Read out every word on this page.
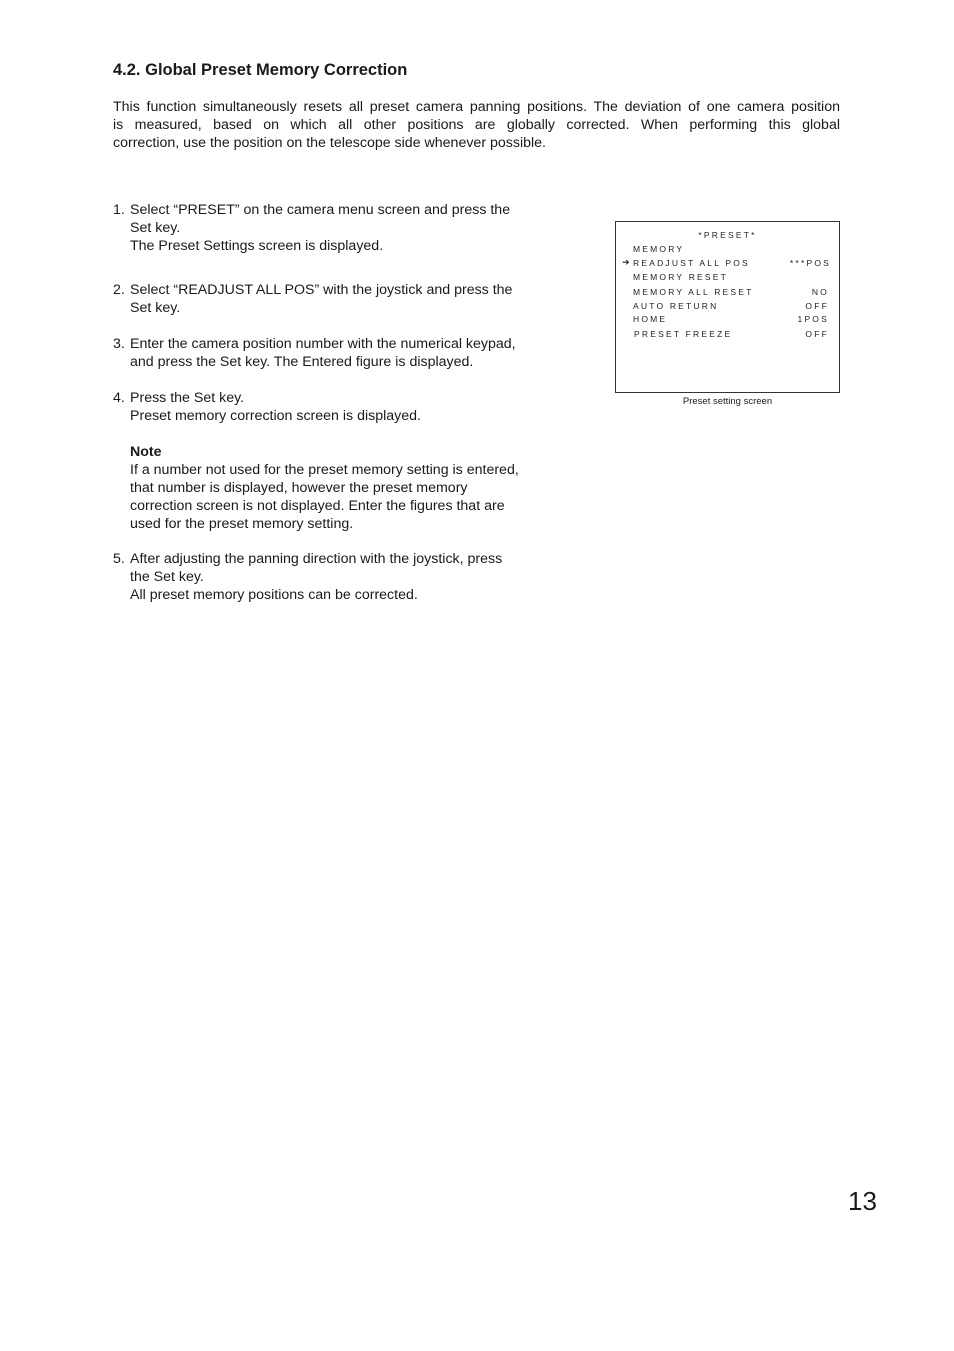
4.2. Global Preset Memory Correction
This function simultaneously resets all preset camera panning positions. The deviation of one camera position
is measured, based on which all other positions are globally corrected. When performing this global
correction, use the position on the telescope side whenever possible.
1. Select “PRESET” on the camera menu screen and press the
Set key.
The Preset Settings screen is displayed.
2. Select “READJUST ALL POS” with the joystick and press the
Set key.
3. Enter the camera position number with the numerical keypad,
and press the Set key. The Entered figure is displayed.
4. Press the Set key.
Preset memory correction screen is displayed.
Note
If a number not used for the preset memory setting is entered,
that number is displayed, however the preset memory
correction screen is not displayed. Enter the figures that are
used for the preset memory setting.
5. After adjusting the panning direction with the joystick, press
the Set key.
All preset memory positions can be corrected.
*PRESET*
MEMORY
➔ READJUST ALL POS	***POS
MEMORY RESET
MEMORY ALL RESET	NO
AUTO RETURN	OFF
HOME	1POS
PRESET FREEZE	OFF
Preset setting screen
13
